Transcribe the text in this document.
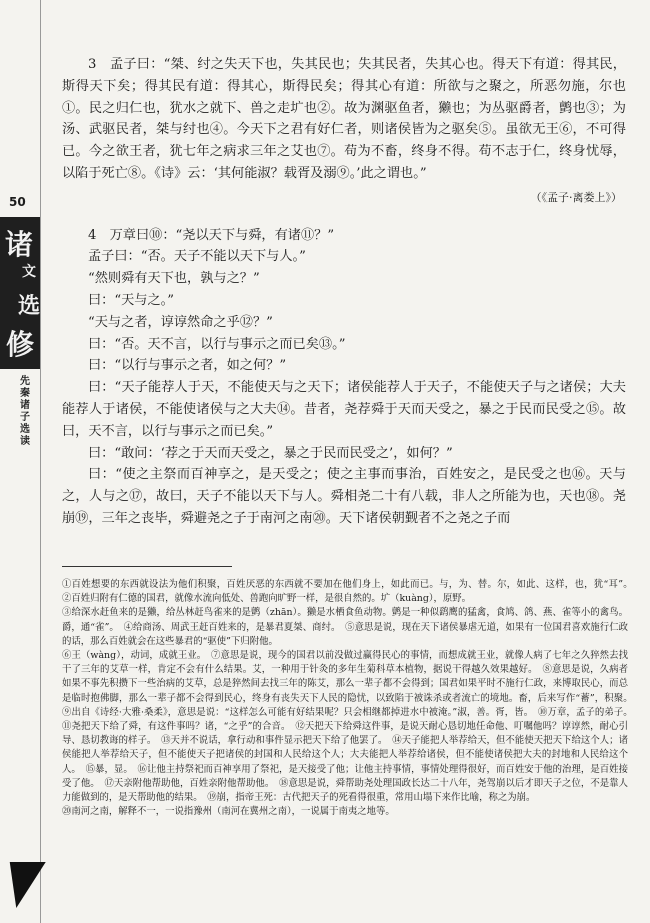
50
诸
文
选
修
先秦诸子选读

3　孟子曰：“桀、纣之失天下也，失其民也；失其民者，失其心也。得天下有道：得其民，斯得天下矣；得其民有道：得其心，斯得民矣；得其心有道：所欲与之聚之，所恶勿施，尔也①。民之归仁也，犹水之就下、兽之走圹也②。故为渊驱鱼者，獭也；为丛驱爵者，鹯也③；为汤、武驱民者，桀与纣也④。今天下之君有好仁者，则诸侯皆为之驱矣⑤。虽欲无王⑥，不可得已。今之欲王者，犹七年之病求三年之艾也⑦。苟为不畜，终身不得。苟不志于仁，终身忧辱，以陷于死亡⑧。《诗》云：‘其何能淑？载胥及溺⑨。’此之谓也。”

（《孟子·离娄上》）

4　万章曰⑩：“尧以天下与舜，有诸⑪？”

孟子曰：“否。天子不能以天下与人。”

“然则舜有天下也，孰与之？”

曰：“天与之。”

“天与之者，谆谆然命之乎⑫？”

曰：“否。天不言，以行与事示之而已矣⑬。”

曰：“以行与事示之者，如之何？”

曰：“天子能荐人于天，不能使天与之天下；诸侯能荐人于天子，不能使天子与之诸侯；大夫能荐人于诸侯，不能使诸侯与之大夫⑭。昔者，尧荐舜于天而天受之，暴之于民而民受之⑮。故曰，天不言，以行与事示之而已矣。”

曰：“敢问：‘荐之于天而天受之，暴之于民而民受之’，如何？”

曰：“使之主祭而百神享之，是天受之；使之主事而事治，百姓安之，是民受之也⑯。天与之，人与之⑰，故曰，天子不能以天下与人。舜相尧二十有八载，非人之所能为也，天也⑱。尧崩⑲，三年之丧毕，舜避尧之子于南河之南⑳。天下诸侯朝觐者不之尧之子而

①百姓想要的东西就设法为他们积聚，百姓厌恶的东西就不要加在他们身上，如此而已。与，为、替。尔，如此、这样，也，犹“耳”。　②百姓归附有仁德的国君，就像水流向低处、兽跑向旷野一样，是很自然的。圹（kuàng），原野。

③给深水赶鱼来的是獭，给丛林赶鸟雀来的是鹯（zhān）。獭是水栖食鱼动物。鹯是一种似鹞鹰的猛禽，食鸠、鸽、燕、雀等小的禽鸟。爵，通“雀”。　④给商汤、周武王赶百姓来的，是暴君夏桀、商纣。　⑤意思是说，现在天下诸侯暴虐无道，如果有一位国君喜欢施行仁政的话，那么百姓就会在这些暴君的“驱使”下归附他。

⑥王（wàng），动词，成就王业。　⑦意思是说，现今的国君以前没做过赢得民心的事情，而想成就王业，就像人病了七年之久猝然去找干了三年的艾草一样，肯定不会有什么结果。艾，一种用于针灸的多年生菊科草本植物，据说干得越久效果越好。　⑧意思是说，久病者如果不事先积攒下一些治病的艾草，总是猝然间去找三年的陈艾，那么一辈子都不会得到；国君如果平时不施行仁政，来博取民心，而总是临时抱佛脚，那么一辈子都不会得到民心，终身有丧失天下人民的隐忧，以致陷于被诛杀或者流亡的境地。畜，后来写作“蓄”，积聚。　⑨出自《诗经·大雅·桑柔》，意思是说：“这样怎么可能有好结果呢？只会相继都掉进水中被淹。”淑，善。胥，皆。　⑩万章，孟子的弟子。　⑪尧把天下给了舜，有这件事吗？诸，“之乎”的合音。　⑫天把天下给舜这件事，是说天耐心恳切地任命他、叮嘱他吗？谆谆然，耐心引导、恳切教诲的样子。　⑬天并不说话，拿行动和事件显示把天下给了他罢了。　⑭天子能把人举荐给天，但不能使天把天下给这个人；诸侯能把人举荐给天子，但不能使天子把诸侯的封国和人民给这个人；大夫能把人举荐给诸侯，但不能使诸侯把大夫的封地和人民给这个人。　⑮暴，显。　⑯让他主持祭祀而百神享用了祭祀，是天接受了他；让他主持事情，事情处理得很好，而百姓安于他的治理，是百姓接受了他。　⑰天亲附他帮助他，百姓亲附他帮助他。　⑱意思是说，舜帮助尧处理国政长达二十八年，尧驾崩以后才即天子之位，不是靠人力能做到的，是天帮助他的结果。　⑲崩，指帝王死：古代把天子的死看得很重，常用山塌下来作比喻，称之为崩。

⑳南河之南，解释不一，一说指豫州（南河在冀州之南），一说属于南夷之地等。
